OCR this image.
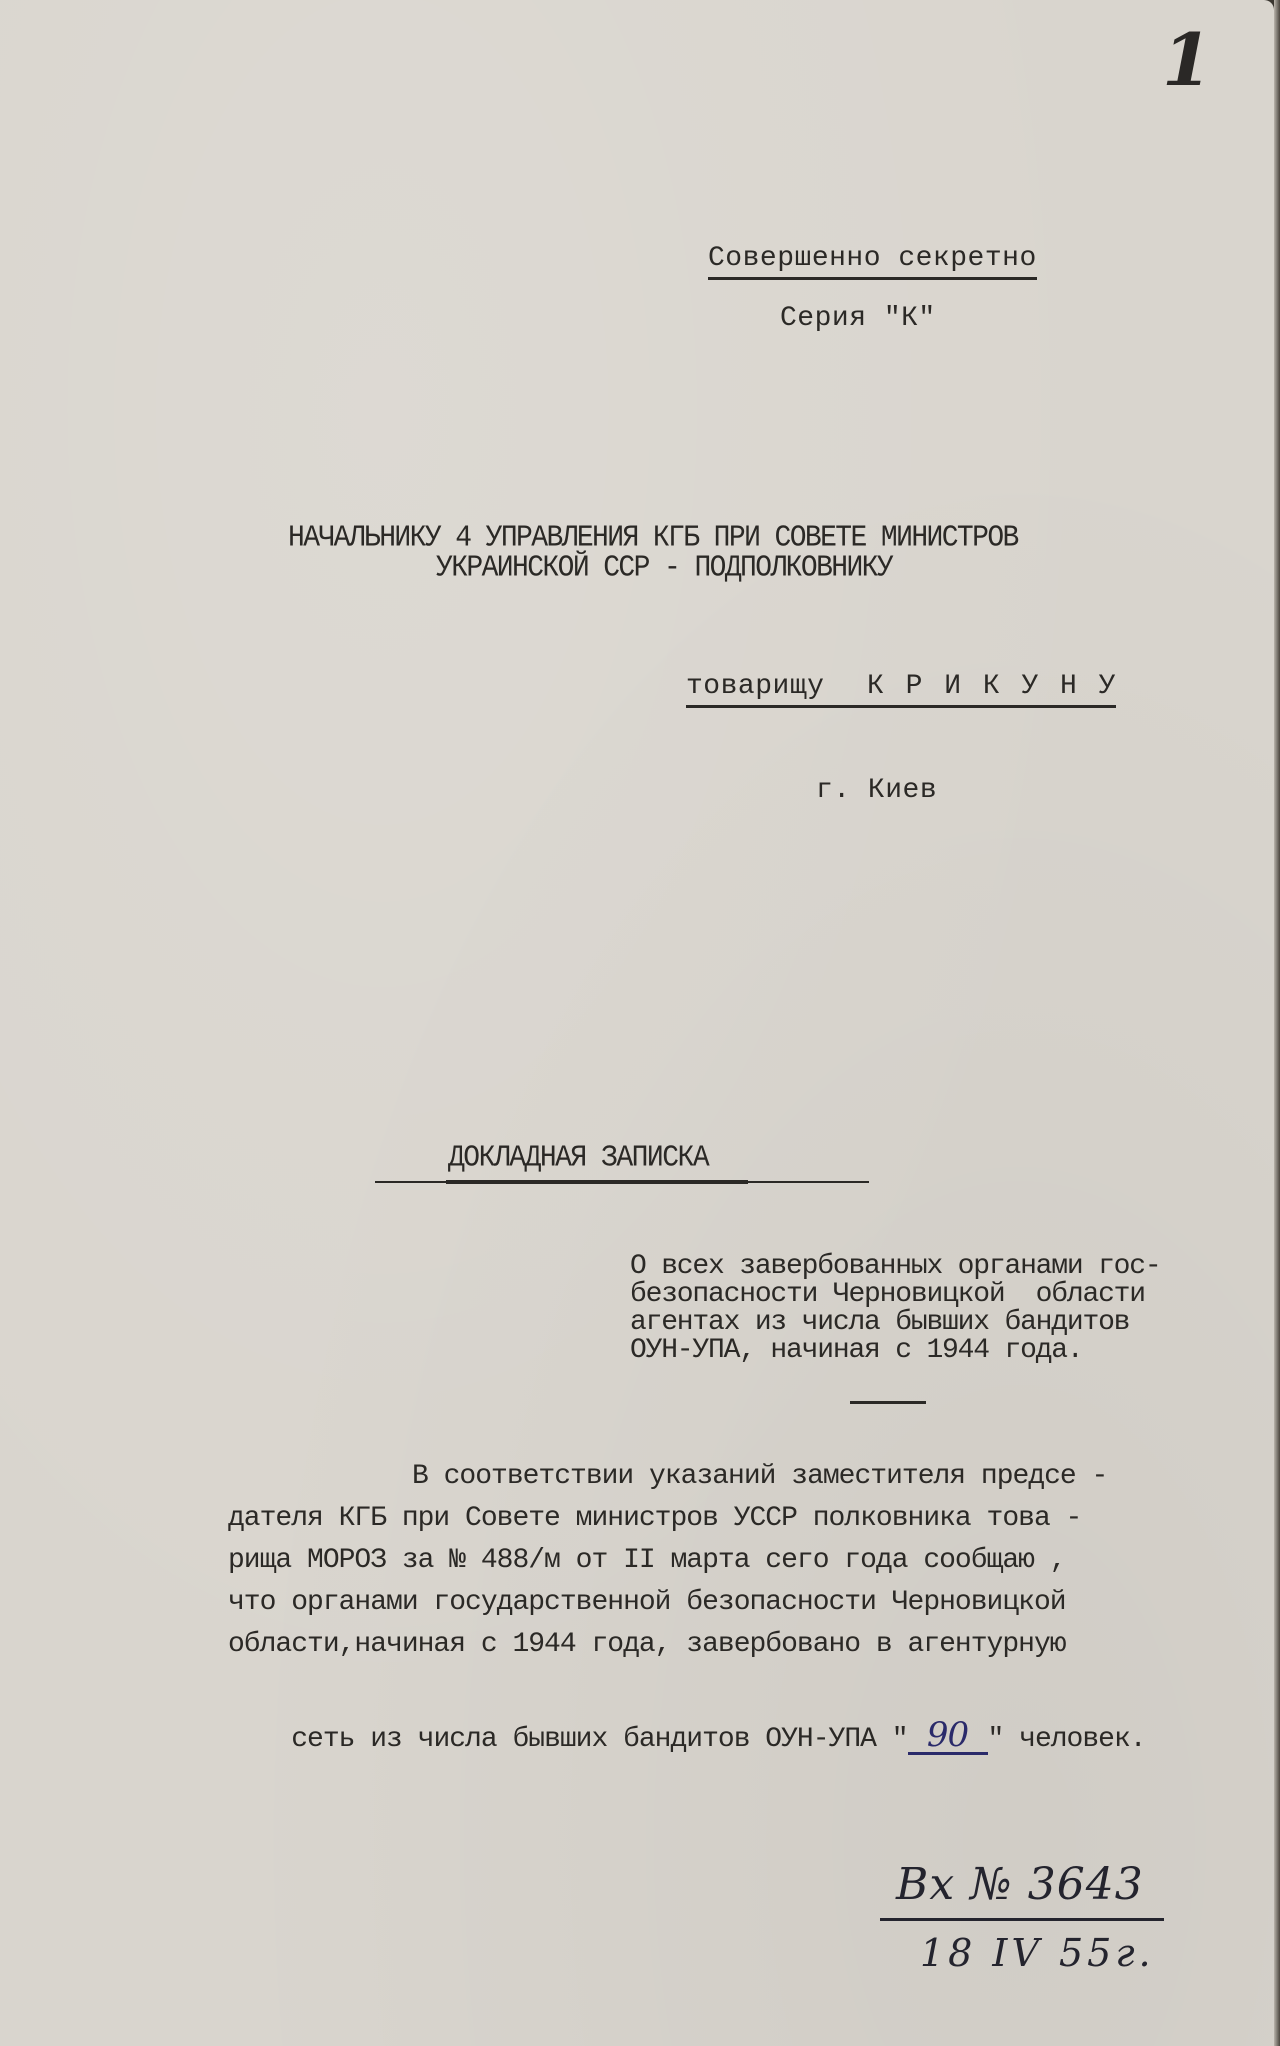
1
Совершенно секретно
Серия "К"
НАЧАЛЬНИКУ 4 УПРАВЛЕНИЯ КГБ ПРИ СОВЕТЕ МИНИСТРОВ
УКРАИНСКОЙ ССР - ПОДПОЛКОВНИКУ
товарищу  К Р И К У Н У
г. Киев
ДОКЛАДНАЯ ЗАПИСКА
О всех завербованных органами гос-
безопасности Черновицкой  области
агентах из числа бывших бандитов
ОУН-УПА, начиная с 1944 года.
В соответствии указаний заместителя предсе -
дателя КГБ при Совете министров УССР полковника това -
рища МОРОЗ за № 488/м от II марта сего года сообщаю ,
что органами государственной безопасности Черновицкой
области,начиная с 1944 года, завербовано в агентурную

сеть из числа бывших бандитов ОУН-УПА " 90 " человек.

Вх № 3643
18 IV 55г.
